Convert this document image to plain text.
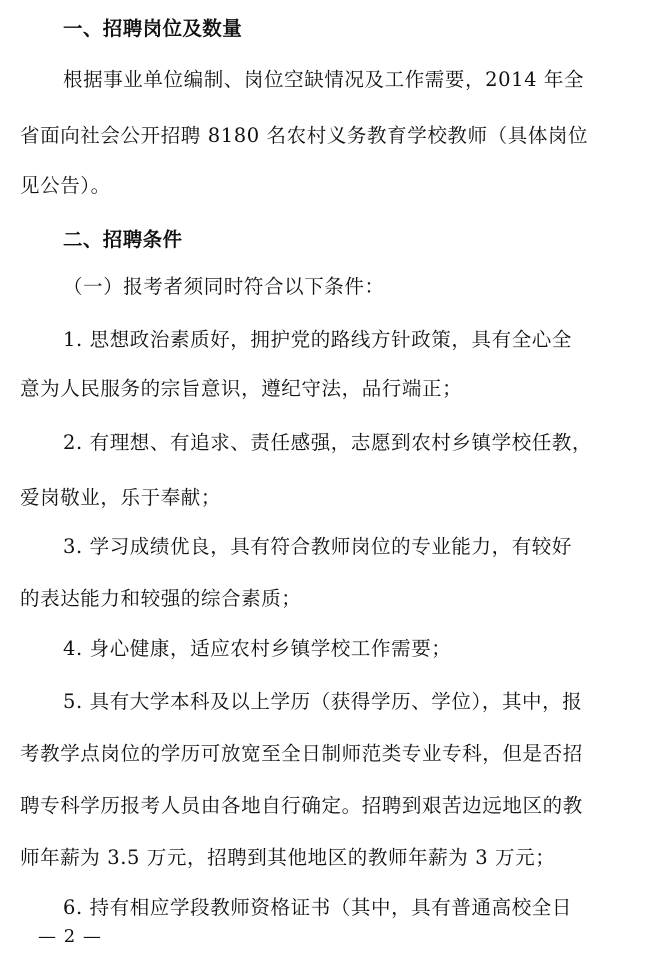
一、招聘岗位及数量
根据事业单位编制、岗位空缺情况及工作需要，2014 年全
省面向社会公开招聘 8180 名农村义务教育学校教师（具体岗位
见公告）。
二、招聘条件
（一）报考者须同时符合以下条件：
1. 思想政治素质好，拥护党的路线方针政策，具有全心全
意为人民服务的宗旨意识，遵纪守法，品行端正；
2. 有理想、有追求、责任感强，志愿到农村乡镇学校任教，
爱岗敬业，乐于奉献；
3. 学习成绩优良，具有符合教师岗位的专业能力，有较好
的表达能力和较强的综合素质；
4. 身心健康，适应农村乡镇学校工作需要；
5. 具有大学本科及以上学历（获得学历、学位），其中，报
考教学点岗位的学历可放宽至全日制师范类专业专科，但是否招
聘专科学历报考人员由各地自行确定。招聘到艰苦边远地区的教
师年薪为 3.5 万元，招聘到其他地区的教师年薪为 3 万元；
6. 持有相应学段教师资格证书（其中，具有普通高校全日
— 2 —
